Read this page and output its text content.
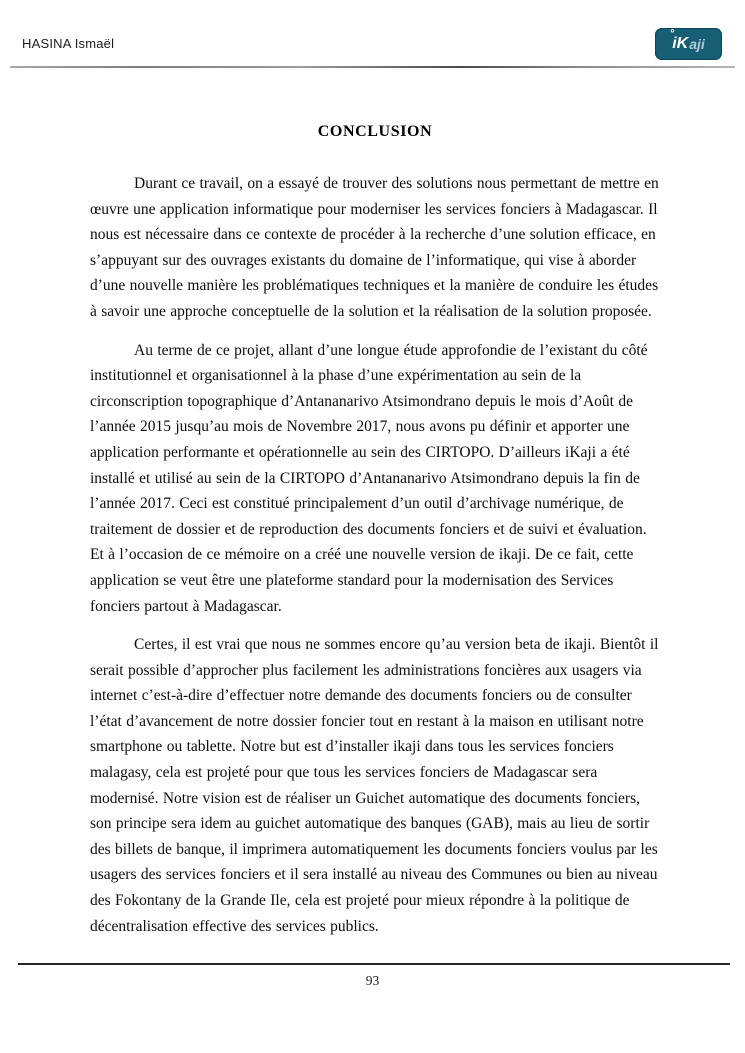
HASINA Ismaël	° iK aji
CONCLUSION

Durant ce travail, on a essayé de trouver des solutions nous permettant de mettre en œuvre une application informatique pour moderniser les services fonciers à Madagascar. Il nous est nécessaire dans ce contexte de procéder à la recherche d’une solution efficace, en s’appuyant sur des ouvrages existants du domaine de l’informatique, qui vise à aborder d’une nouvelle manière les problématiques techniques et la manière de conduire les études à savoir une approche conceptuelle de la solution et la réalisation de la solution proposée.

Au terme de ce projet, allant d’une longue étude approfondie de l’existant du côté institutionnel et organisationnel à la phase d’une expérimentation au sein de la circonscription topographique d’Antananarivo Atsimondrano depuis le mois d’Août de l’année 2015 jusqu’au mois de Novembre 2017, nous avons pu définir et apporter une application performante et opérationnelle au sein des CIRTOPO. D’ailleurs iKaji a été installé et utilisé au sein de la CIRTOPO d’Antananarivo Atsimondrano depuis la fin de l’année 2017. Ceci est constitué principalement d’un outil d’archivage numérique, de traitement de dossier et de reproduction des documents fonciers et de suivi et évaluation. Et à l’occasion de ce mémoire on a créé une nouvelle version de ikaji. De ce fait, cette application se veut être une plateforme standard pour la modernisation des Services fonciers partout à Madagascar.

Certes, il est vrai que nous ne sommes encore qu’au version beta de ikaji. Bientôt il serait possible d’approcher plus facilement les administrations foncières aux usagers via internet c’est-à-dire d’effectuer notre demande des documents fonciers ou de consulter l’état d’avancement de notre dossier foncier tout en restant à la maison en utilisant notre smartphone ou tablette. Notre but est d’installer ikaji dans tous les services fonciers malagasy, cela est projeté pour que tous les services fonciers de Madagascar sera modernisé. Notre vision est de réaliser un Guichet automatique des documents fonciers, son principe sera idem au guichet automatique des banques (GAB), mais au lieu de sortir des billets de banque, il imprimera automatiquement les documents fonciers voulus par les usagers des services fonciers et il sera installé au niveau des Communes ou bien au niveau des Fokontany de la Grande Ile, cela est projeté pour mieux répondre à la politique de décentralisation effective des services publics.

93
